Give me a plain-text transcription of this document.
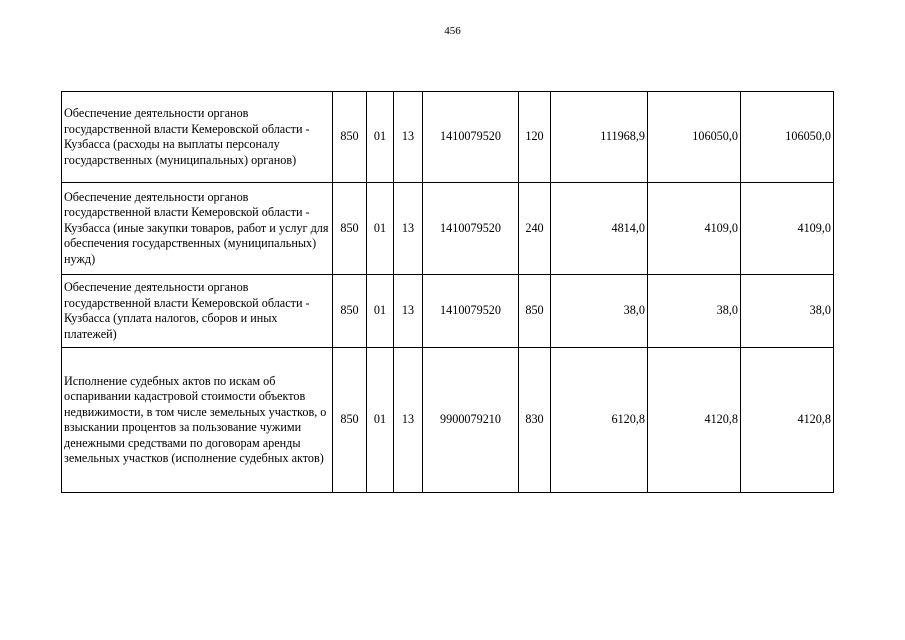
456
Обеспечение деятельности органов государственной власти Кемеровской области - Кузбасса (расходы на выплаты персоналу государственных (муниципальных) органов)	850	01	13	1410079520	120	111968,9	106050,0	106050,0
Обеспечение деятельности органов государственной власти Кемеровской области - Кузбасса (иные закупки товаров, работ и услуг для обеспечения государственных (муниципальных) нужд)	850	01	13	1410079520	240	4814,0	4109,0	4109,0
Обеспечение деятельности органов государственной власти Кемеровской области - Кузбасса (уплата налогов, сборов и иных платежей)	850	01	13	1410079520	850	38,0	38,0	38,0
Исполнение судебных актов по искам об оспаривании кадастровой стоимости объектов недвижимости, в том числе земельных участков, о взыскании процентов за пользование чужими денежными средствами по договорам аренды земельных участков (исполнение судебных актов)	850	01	13	9900079210	830	6120,8	4120,8	4120,8
